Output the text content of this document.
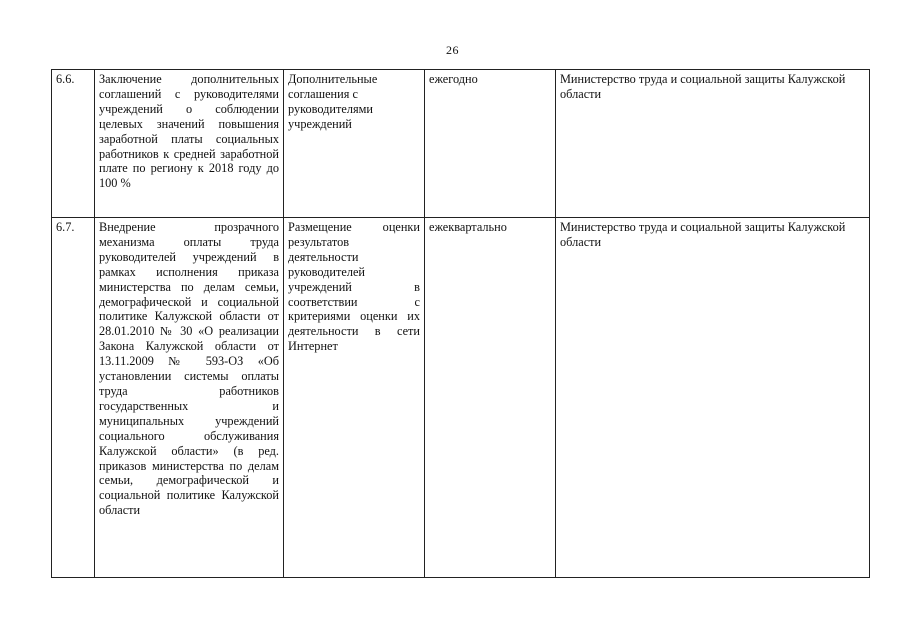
26
6.6.	Заключение дополнительных соглашений с руководителями учреждений о соблюдении целевых значений повышения заработной платы социальных работников к средней заработной плате по региону к 2018 году до 100 %	Дополнительные соглашения с руководителями учреждений	ежегодно	Министерство труда и социальной защиты Калужской области
6.7.	Внедрение прозрачного механизма оплаты труда руководителей учреждений в рамках исполнения приказа министерства по делам семьи, демографической и социальной политике Калужской области от 28.01.2010 № 30 «О реализации Закона Калужской области от 13.11.2009 № 593-ОЗ «Об установлении системы оплаты труда работников государственных и муниципальных учреждений социального обслуживания Калужской области» (в ред. приказов министерства по делам семьи, демографической и социальной политике Калужской области	Размещение оценки результатов деятельности руководителей учреждений в соответствии с критериями оценки их деятельности в сети Интернет	ежеквартально	Министерство труда и социальной защиты Калужской области
